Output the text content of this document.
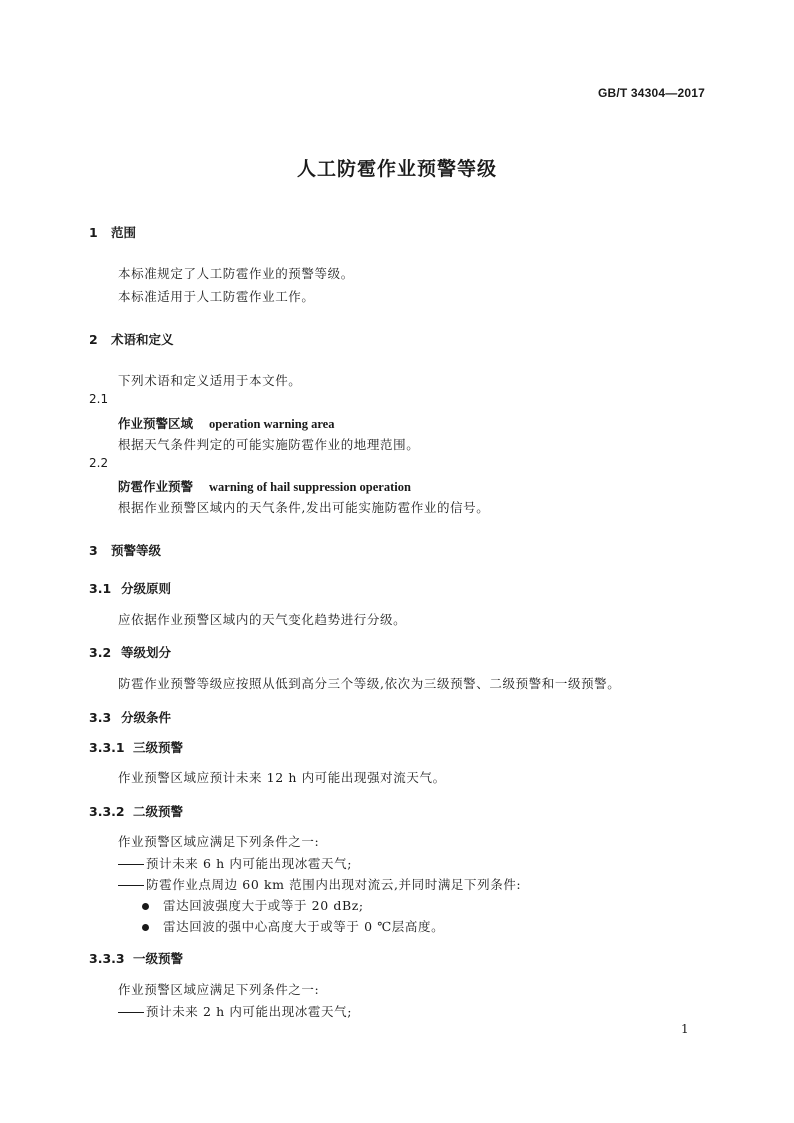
GB/T 34304—2017
人工防雹作业预警等级
1 范围
本标准规定了人工防雹作业的预警等级。
本标准适用于人工防雹作业工作。
2 术语和定义
下列术语和定义适用于本文件。
2.1
作业预警区域 operation warning area
根据天气条件判定的可能实施防雹作业的地理范围。
2.2
防雹作业预警 warning of hail suppression operation
根据作业预警区域内的天气条件,发出可能实施防雹作业的信号。
3 预警等级
3.1 分级原则
应依据作业预警区域内的天气变化趋势进行分级。
3.2 等级划分
防雹作业预警等级应按照从低到高分三个等级,依次为三级预警、二级预警和一级预警。
3.3 分级条件
3.3.1 三级预警
作业预警区域应预计未来 12 h 内可能出现强对流天气。
3.3.2 二级预警
作业预警区域应满足下列条件之一:
预计未来 6 h 内可能出现冰雹天气;
防雹作业点周边 60 km 范围内出现对流云,并同时满足下列条件:
雷达回波强度大于或等于 20 dBz;
雷达回波的强中心高度大于或等于 0 ℃层高度。
3.3.3 一级预警
作业预警区域应满足下列条件之一:
预计未来 2 h 内可能出现冰雹天气;
1
